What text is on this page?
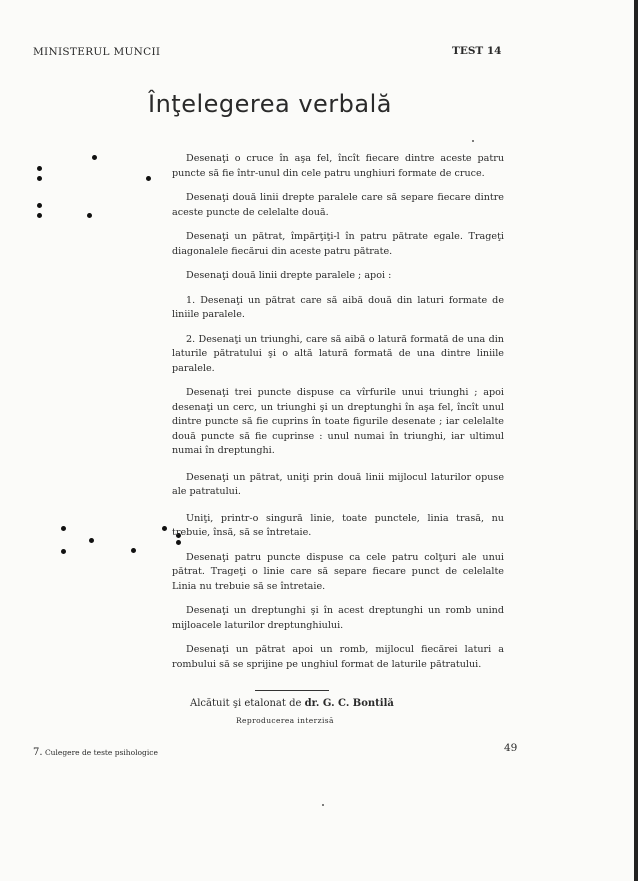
MINISTERUL MUNCII	TEST 14
Înţelegerea verbală

Desenaţi o cruce în aşa fel, încît fiecare dintre aceste patru puncte să fie într-unul din cele patru unghiuri formate de cruce.

Desenaţi două linii drepte paralele care să separe fiecare dintre aceste puncte de celelalte două.

Desenaţi un pătrat, împărţiţi-l în patru pătrate egale. Trageţi diagonalele fiecărui din aceste patru pătrate.

Desenaţi două linii drepte paralele ; apoi :

1. Desenaţi un pătrat care să aibă două din laturi formate de liniile paralele.

2. Desenaţi un triunghi, care să aibă o latură formată de una din laturile pătratului şi o altă latură formată de una dintre liniile paralele.

Desenaţi trei puncte dispuse ca vîrfurile unui triunghi ; apoi desenaţi un cerc, un triunghi şi un dreptunghi în aşa fel, încît unul dintre puncte să fie cuprins în toate figurile desenate ; iar celelalte două puncte să fie cuprinse : unul numai în triunghi, iar ultimul numai în dreptunghi.

Desenaţi un pătrat, uniţi prin două linii mijlocul laturilor opuse ale patratului.

Uniţi, printr-o singură linie, toate punctele, linia trasă, nu trebuie, însă, să se întretaie.

Desenaţi patru puncte dispuse ca cele patru colţuri ale unui pătrat. Trageţi o linie care să separe fiecare punct de celelalte Linia nu trebuie să se întretaie.

Desenaţi un dreptunghi şi în acest dreptunghi un romb unind mijloacele laturilor dreptunghiului.

Desenaţi un pătrat apoi un romb, mijlocul fiecărei laturi a rombului să se sprijine pe unghiul format de laturile pătratului.

Alcătuit şi etalonat de dr. G. C. Bontilă
Reproducerea interzisă
7. Culegere de teste psihologice	49
